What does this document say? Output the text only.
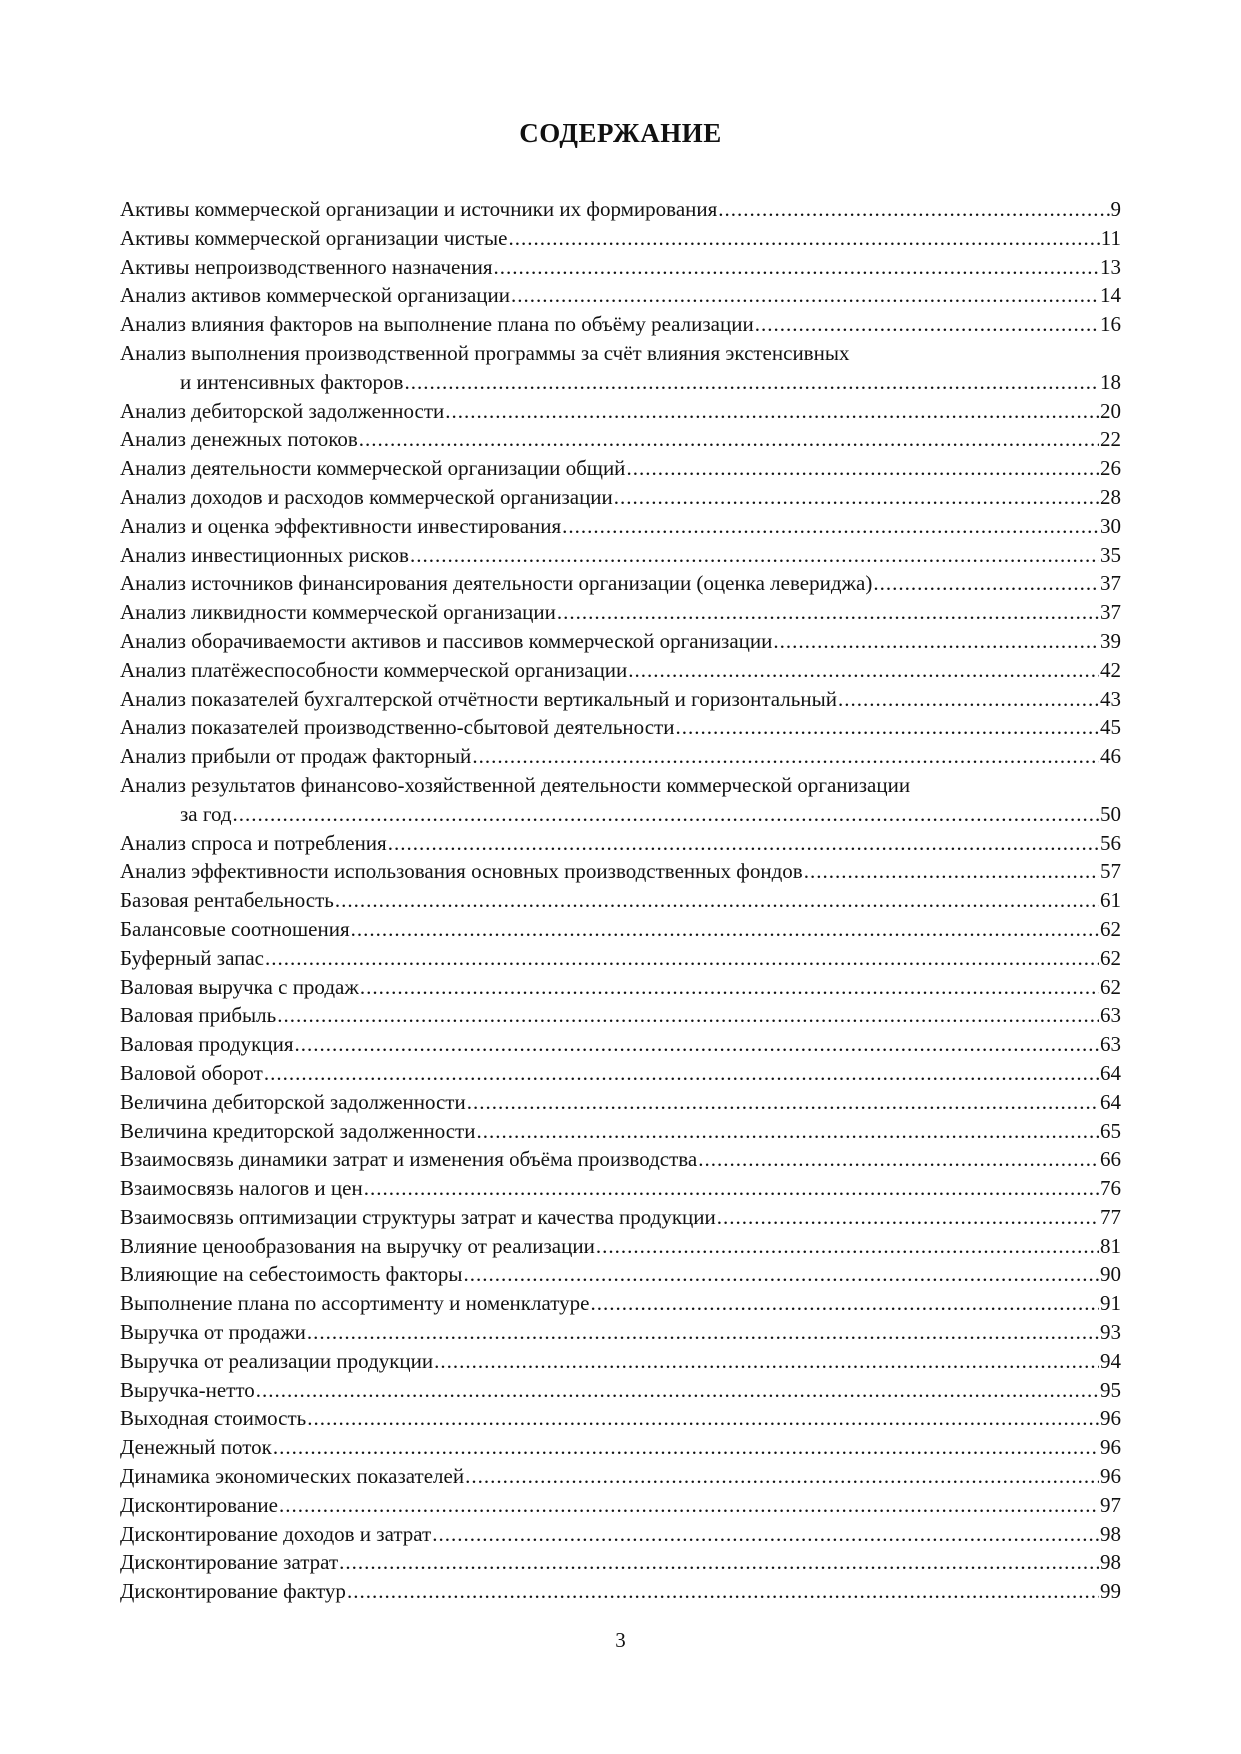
СОДЕРЖАНИЕ
Активы коммерческой организации и источники их формирования .....	9
Активы коммерческой организации чистые .....	11
Активы непроизводственного назначения .....	13
Анализ активов коммерческой организации .....	14
Анализ влияния факторов на выполнение плана по объёму реализации .....	16
Анализ выполнения производственной программы за счёт влияния экстенсивных
и интенсивных факторов .....	18
Анализ дебиторской задолженности .....	20
Анализ денежных потоков .....	22
Анализ деятельности коммерческой организации общий .....	26
Анализ доходов и расходов коммерческой организации .....	28
Анализ и оценка эффективности инвестирования .....	30
Анализ инвестиционных рисков .....	35
Анализ источников финансирования деятельности организации (оценка левериджа) .....	37
Анализ ликвидности коммерческой организации .....	37
Анализ оборачиваемости активов и пассивов коммерческой организации .....	39
Анализ платёжеспособности коммерческой организации .....	42
Анализ показателей бухгалтерской отчётности вертикальный и горизонтальный .....	43
Анализ показателей производственно-сбытовой деятельности .....	45
Анализ прибыли от продаж факторный .....	46
Анализ результатов финансово-хозяйственной деятельности коммерческой организации
за год .....	50
Анализ спроса и потребления .....	56
Анализ эффективности использования основных производственных фондов .....	57
Базовая рентабельность .....	61
Балансовые соотношения .....	62
Буферный запас .....	62
Валовая выручка с продаж .....	62
Валовая прибыль .....	63
Валовая продукция .....	63
Валовой оборот .....	64
Величина дебиторской задолженности .....	64
Величина кредиторской задолженности .....	65
Взаимосвязь динамики затрат и изменения объёма производства .....	66
Взаимосвязь налогов и цен .....	76
Взаимосвязь оптимизации структуры затрат и качества продукции .....	77
Влияние ценообразования на выручку от реализации .....	81
Влияющие на себестоимость факторы .....	90
Выполнение плана по ассортименту и номенклатуре .....	91
Выручка от продажи .....	93
Выручка от реализации продукции .....	94
Выручка-нетто .....	95
Выходная стоимость .....	96
Денежный поток .....	96
Динамика экономических показателей .....	96
Дисконтирование .....	97
Дисконтирование доходов и затрат .....	98
Дисконтирование затрат .....	98
Дисконтирование фактур .....	99
3
